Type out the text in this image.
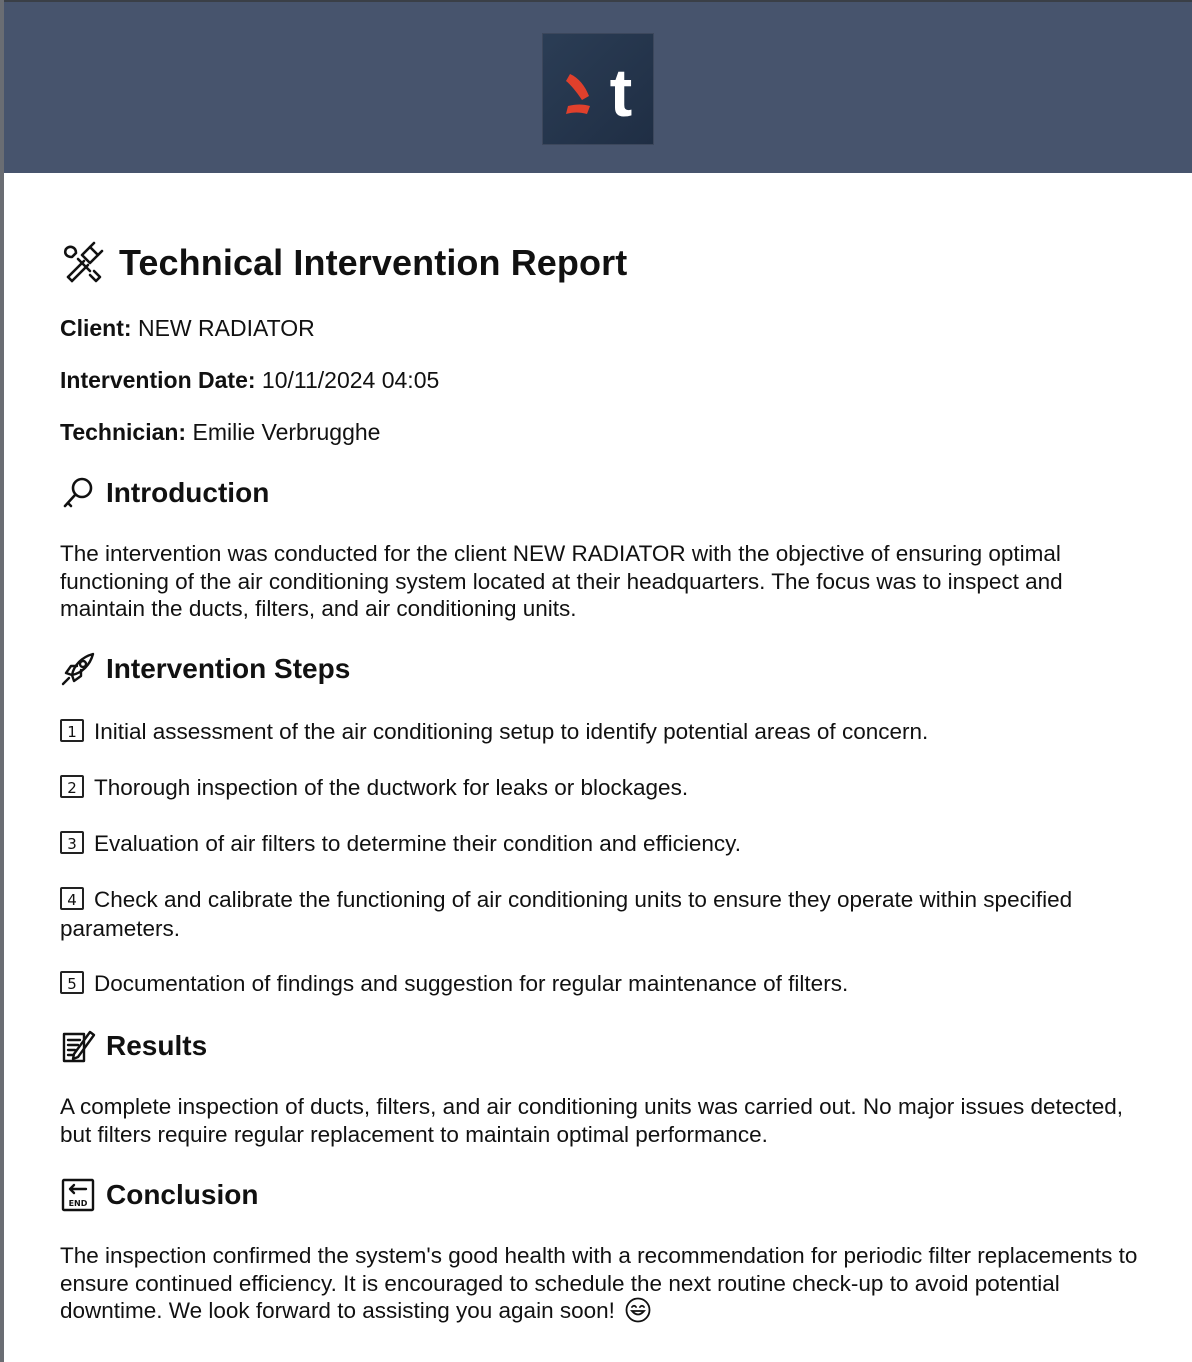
t
Technical Intervention Report
Client: NEW RADIATOR
Intervention Date: 10/11/2024 04:05
Technician: Emilie Verbrugghe
Introduction
The intervention was conducted for the client NEW RADIATOR with the objective of ensuring optimal functioning of the air conditioning system located at their headquarters. The focus was to inspect and maintain the ducts, filters, and air conditioning units.
Intervention Steps
1 Initial assessment of the air conditioning setup to identify potential areas of concern.
2 Thorough inspection of the ductwork for leaks or blockages.
3 Evaluation of air filters to determine their condition and efficiency.
4 Check and calibrate the functioning of air conditioning units to ensure they operate within specified parameters.
5 Documentation of findings and suggestion for regular maintenance of filters.
Results
A complete inspection of ducts, filters, and air conditioning units was carried out. No major issues detected, but filters require regular replacement to maintain optimal performance.
END Conclusion
The inspection confirmed the system's good health with a recommendation for periodic filter replacements to ensure continued efficiency. It is encouraged to schedule the next routine check-up to avoid potential downtime. We look forward to assisting you again soon!
